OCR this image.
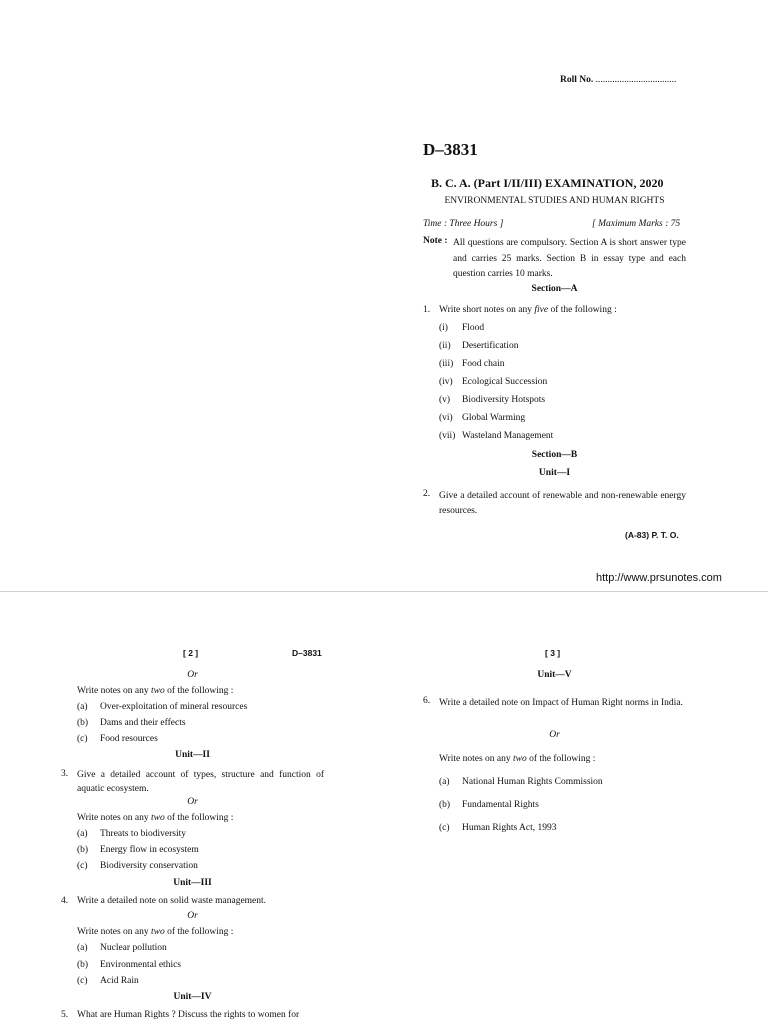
Roll No. ..................................
D–3831
B. C. A. (Part I/II/III) EXAMINATION, 2020
ENVIRONMENTAL STUDIES AND HUMAN RIGHTS
Time : Three Hours ]	[ Maximum Marks : 75
Note : All questions are compulsory. Section A is short answer type and carries 25 marks. Section B in essay type and each question carries 10 marks.
Section—A
1. Write short notes on any five of the following :
(i) Flood
(ii) Desertification
(iii) Food chain
(iv) Ecological Succession
(v) Biodiversity Hotspots
(vi) Global Warming
(vii) Wasteland Management
Section—B
Unit—I
2. Give a detailed account of renewable and non-renewable energy resources.
(A-83) P. T. O.
http://www.prsunotes.com
[ 2 ]	D–3831
Or
Write notes on any two of the following :
(a) Over-exploitation of mineral resources
(b) Dams and their effects
(c) Food resources
Unit—II
3. Give a detailed account of types, structure and function of aquatic ecosystem.
Or
Write notes on any two of the following :
(a) Threats to biodiversity
(b) Energy flow in ecosystem
(c) Biodiversity conservation
Unit—III
4. Write a detailed note on solid waste management.
Or
Write notes on any two of the following :
(a) Nuclear pollution
(b) Environmental ethics
(c) Acid Rain
Unit—IV
5. What are Human Rights ? Discuss the rights to women for
[ 3 ]
Unit—V
6. Write a detailed note on Impact of Human Right norms in India.
Or
Write notes on any two of the following :
(a) National Human Rights Commission
(b) Fundamental Rights
(c) Human Rights Act, 1993
